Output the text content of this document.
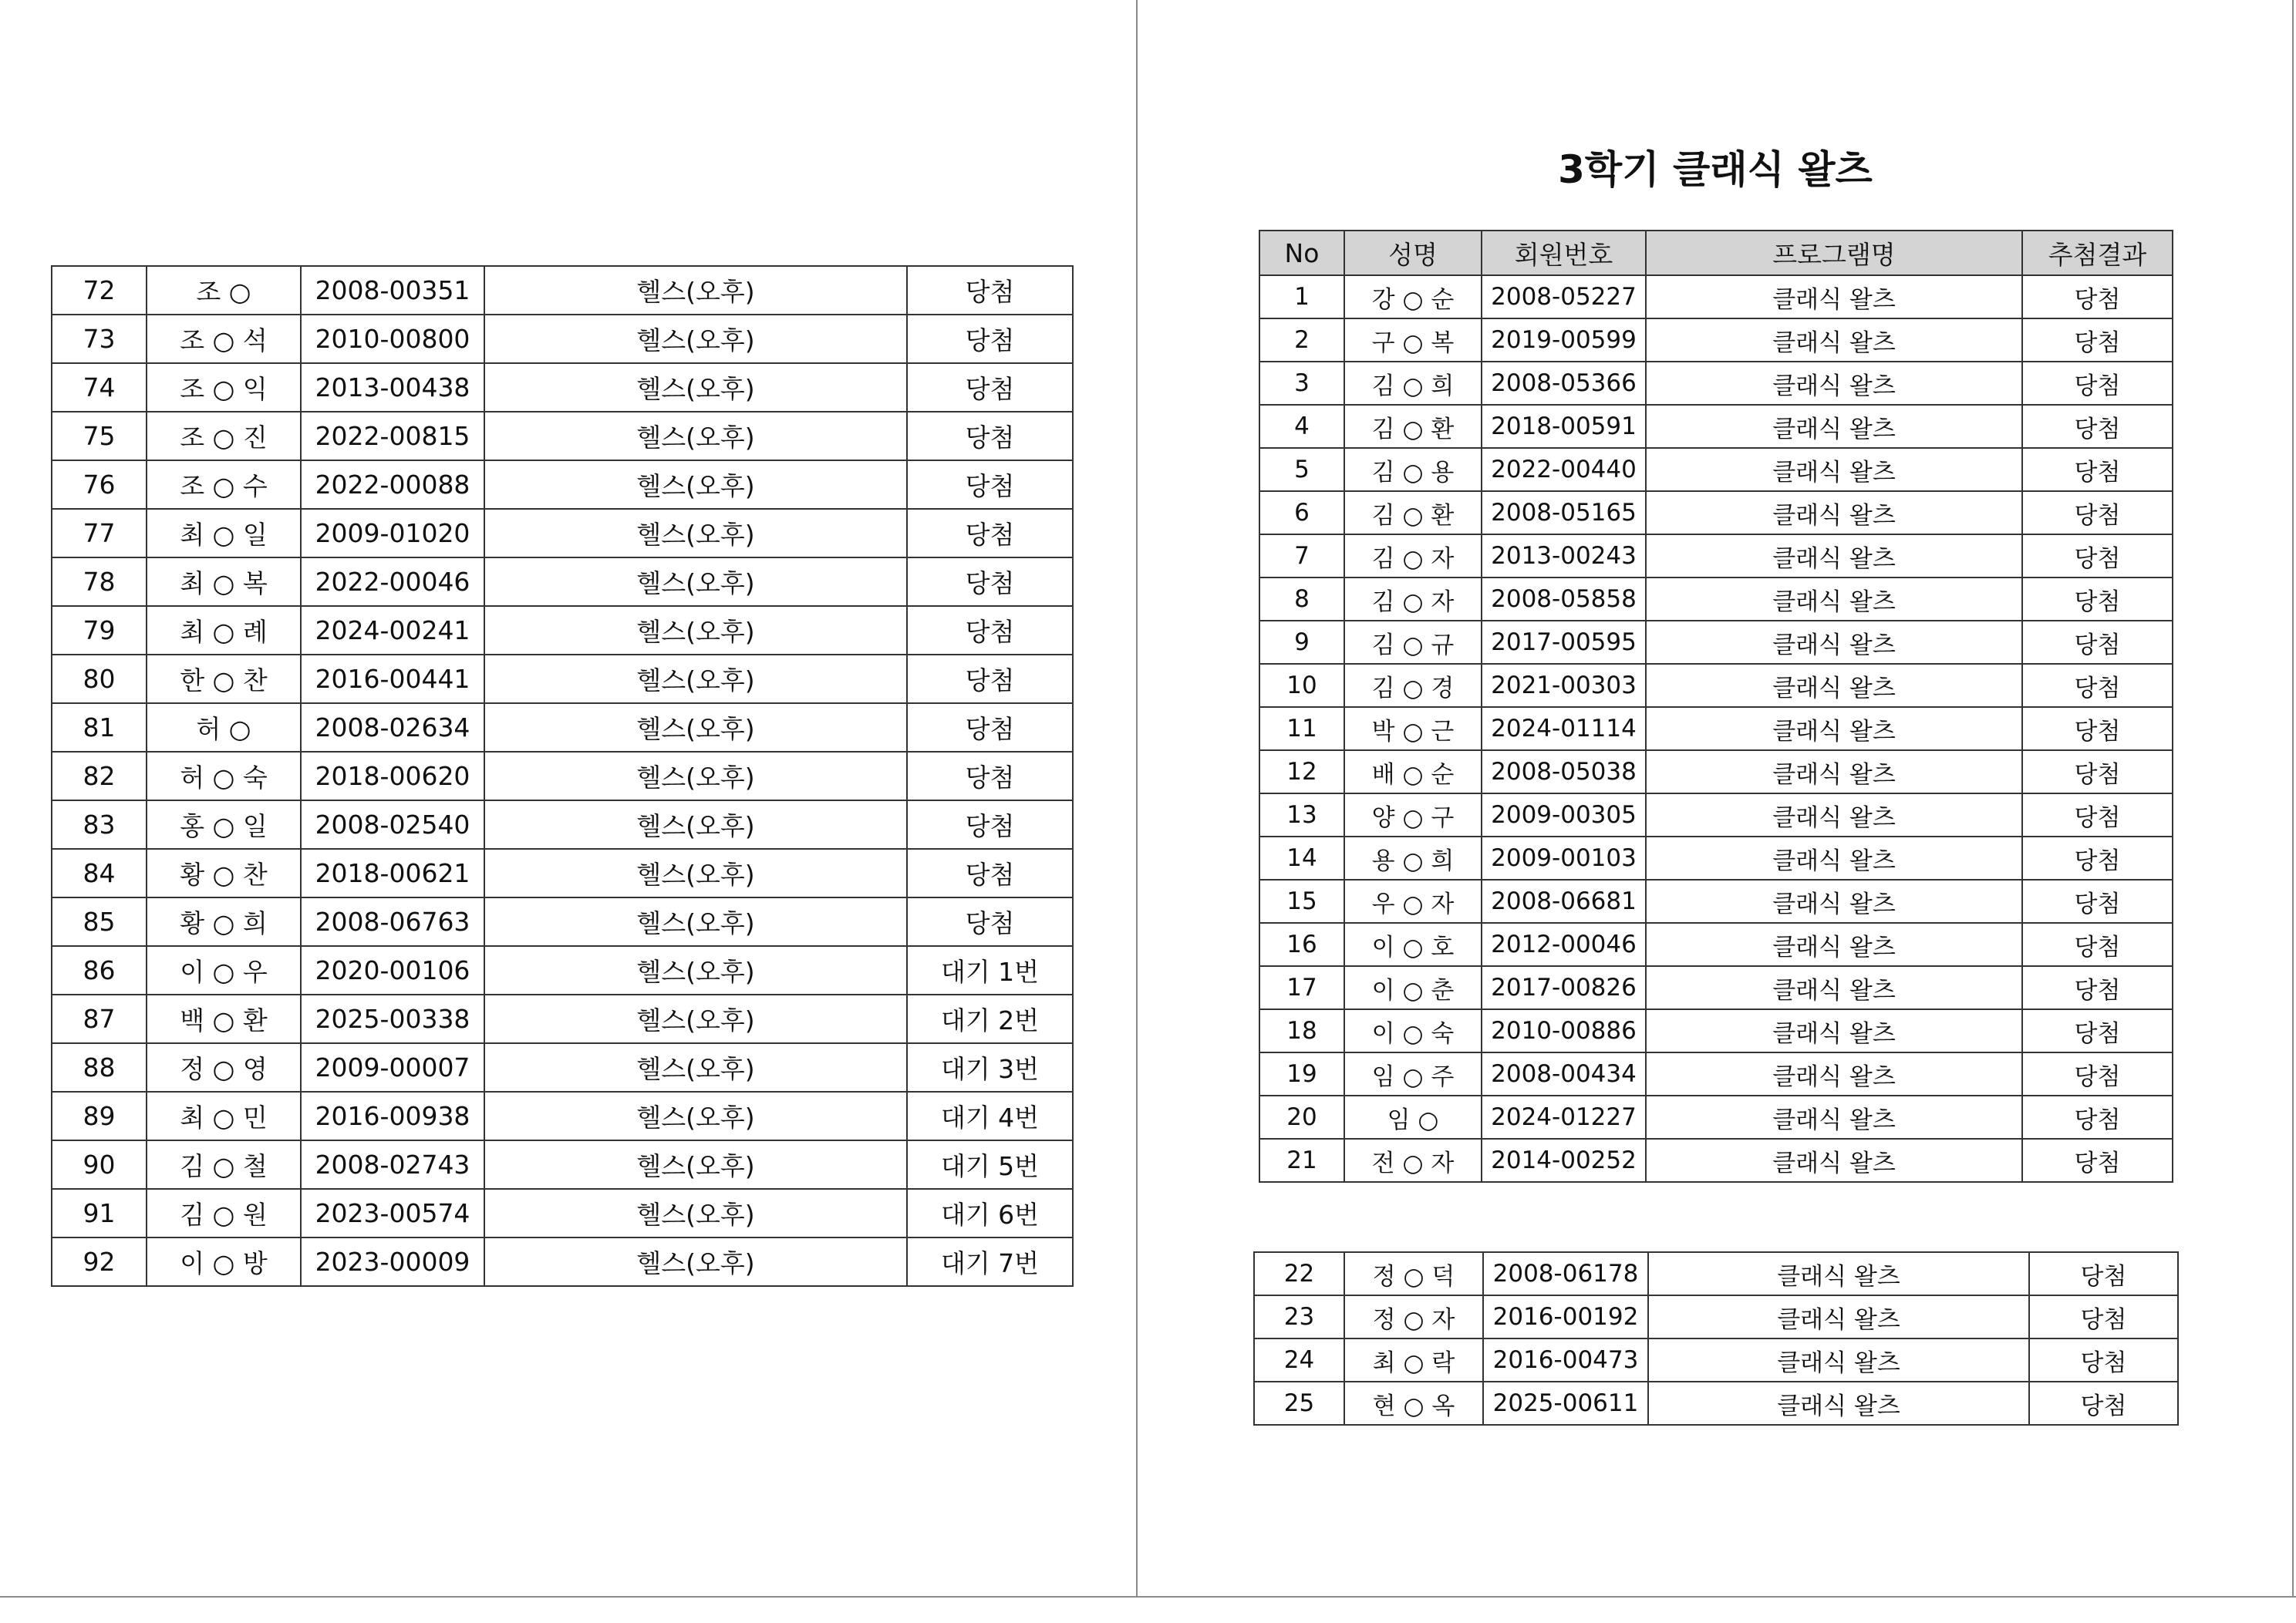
72	조 ○	2008-00351	헬스(오후)	당첨
73	조 ○ 석	2010-00800	헬스(오후)	당첨
74	조 ○ 익	2013-00438	헬스(오후)	당첨
75	조 ○ 진	2022-00815	헬스(오후)	당첨
76	조 ○ 수	2022-00088	헬스(오후)	당첨
77	최 ○ 일	2009-01020	헬스(오후)	당첨
78	최 ○ 복	2022-00046	헬스(오후)	당첨
79	최 ○ 례	2024-00241	헬스(오후)	당첨
80	한 ○ 찬	2016-00441	헬스(오후)	당첨
81	허 ○	2008-02634	헬스(오후)	당첨
82	허 ○ 숙	2018-00620	헬스(오후)	당첨
83	홍 ○ 일	2008-02540	헬스(오후)	당첨
84	황 ○ 찬	2018-00621	헬스(오후)	당첨
85	황 ○ 희	2008-06763	헬스(오후)	당첨
86	이 ○ 우	2020-00106	헬스(오후)	대기 1번
87	백 ○ 환	2025-00338	헬스(오후)	대기 2번
88	정 ○ 영	2009-00007	헬스(오후)	대기 3번
89	최 ○ 민	2016-00938	헬스(오후)	대기 4번
90	김 ○ 철	2008-02743	헬스(오후)	대기 5번
91	김 ○ 원	2023-00574	헬스(오후)	대기 6번
92	이 ○ 방	2023-00009	헬스(오후)	대기 7번
3학기 클래식 왈츠
No	성명	회원번호	프로그램명	추첨결과
1	강 ○ 순	2008-05227	클래식 왈츠	당첨
2	구 ○ 복	2019-00599	클래식 왈츠	당첨
3	김 ○ 희	2008-05366	클래식 왈츠	당첨
4	김 ○ 환	2018-00591	클래식 왈츠	당첨
5	김 ○ 용	2022-00440	클래식 왈츠	당첨
6	김 ○ 환	2008-05165	클래식 왈츠	당첨
7	김 ○ 자	2013-00243	클래식 왈츠	당첨
8	김 ○ 자	2008-05858	클래식 왈츠	당첨
9	김 ○ 규	2017-00595	클래식 왈츠	당첨
10	김 ○ 경	2021-00303	클래식 왈츠	당첨
11	박 ○ 근	2024-01114	클래식 왈츠	당첨
12	배 ○ 순	2008-05038	클래식 왈츠	당첨
13	양 ○ 구	2009-00305	클래식 왈츠	당첨
14	용 ○ 희	2009-00103	클래식 왈츠	당첨
15	우 ○ 자	2008-06681	클래식 왈츠	당첨
16	이 ○ 호	2012-00046	클래식 왈츠	당첨
17	이 ○ 춘	2017-00826	클래식 왈츠	당첨
18	이 ○ 숙	2010-00886	클래식 왈츠	당첨
19	임 ○ 주	2008-00434	클래식 왈츠	당첨
20	임 ○	2024-01227	클래식 왈츠	당첨
21	전 ○ 자	2014-00252	클래식 왈츠	당첨
22	정 ○ 덕	2008-06178	클래식 왈츠	당첨
23	정 ○ 자	2016-00192	클래식 왈츠	당첨
24	최 ○ 락	2016-00473	클래식 왈츠	당첨
25	현 ○ 옥	2025-00611	클래식 왈츠	당첨
